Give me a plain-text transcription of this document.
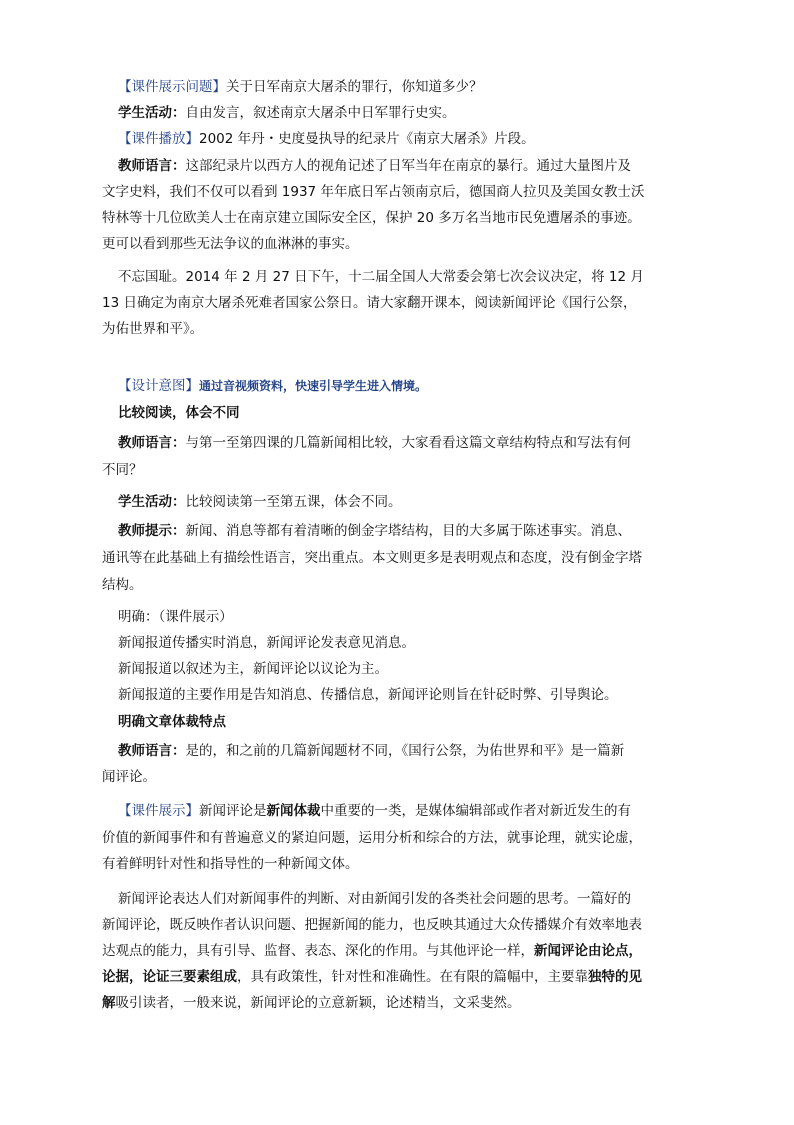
【课件展示问题】关于日军南京大屠杀的罪行，你知道多少？
学生活动：自由发言，叙述南京大屠杀中日军罪行史实。
【课件播放】2002 年丹・史度曼执导的纪录片《南京大屠杀》片段。
教师语言：这部纪录片以西方人的视角记述了日军当年在南京的暴行。通过大量图片及
文字史料，我们不仅可以看到 1937 年年底日军占领南京后，德国商人拉贝及美国女教士沃
特林等十几位欧美人士在南京建立国际安全区，保护 20 多万名当地市民免遭屠杀的事迹。
更可以看到那些无法争议的血淋淋的事实。
不忘国耻。2014 年 2 月 27 日下午，十二届全国人大常委会第七次会议决定，将 12 月
13 日确定为南京大屠杀死难者国家公祭日。请大家翻开课本，阅读新闻评论《国行公祭，
为佑世界和平》。
【设计意图】通过音视频资料，快速引导学生进入情境。
比较阅读，体会不同
教师语言：与第一至第四课的几篇新闻相比较，大家看看这篇文章结构特点和写法有何
不同？
学生活动：比较阅读第一至第五课，体会不同。
教师提示：新闻、消息等都有着清晰的倒金字塔结构，目的大多属于陈述事实。消息、
通讯等在此基础上有描绘性语言，突出重点。本文则更多是表明观点和态度，没有倒金字塔
结构。
明确：（课件展示）
新闻报道传播实时消息，新闻评论发表意见消息。
新闻报道以叙述为主，新闻评论以议论为主。
新闻报道的主要作用是告知消息、传播信息，新闻评论则旨在针砭时弊、引导舆论。
明确文章体裁特点
教师语言：是的，和之前的几篇新闻题材不同，《国行公祭，为佑世界和平》是一篇新
闻评论。
【课件展示】新闻评论是新闻体裁中重要的一类，是媒体编辑部或作者对新近发生的有
价值的新闻事件和有普遍意义的紧迫问题，运用分析和综合的方法，就事论理，就实论虚，
有着鲜明针对性和指导性的一种新闻文体。
新闻评论表达人们对新闻事件的判断、对由新闻引发的各类社会问题的思考。一篇好的
新闻评论，既反映作者认识问题、把握新闻的能力，也反映其通过大众传播媒介有效率地表
达观点的能力，具有引导、监督、表态、深化的作用。与其他评论一样，新闻评论由论点，
论据，论证三要素组成，具有政策性，针对性和准确性。在有限的篇幅中，主要靠独特的见
解吸引读者，一般来说，新闻评论的立意新颖，论述精当，文采斐然。
